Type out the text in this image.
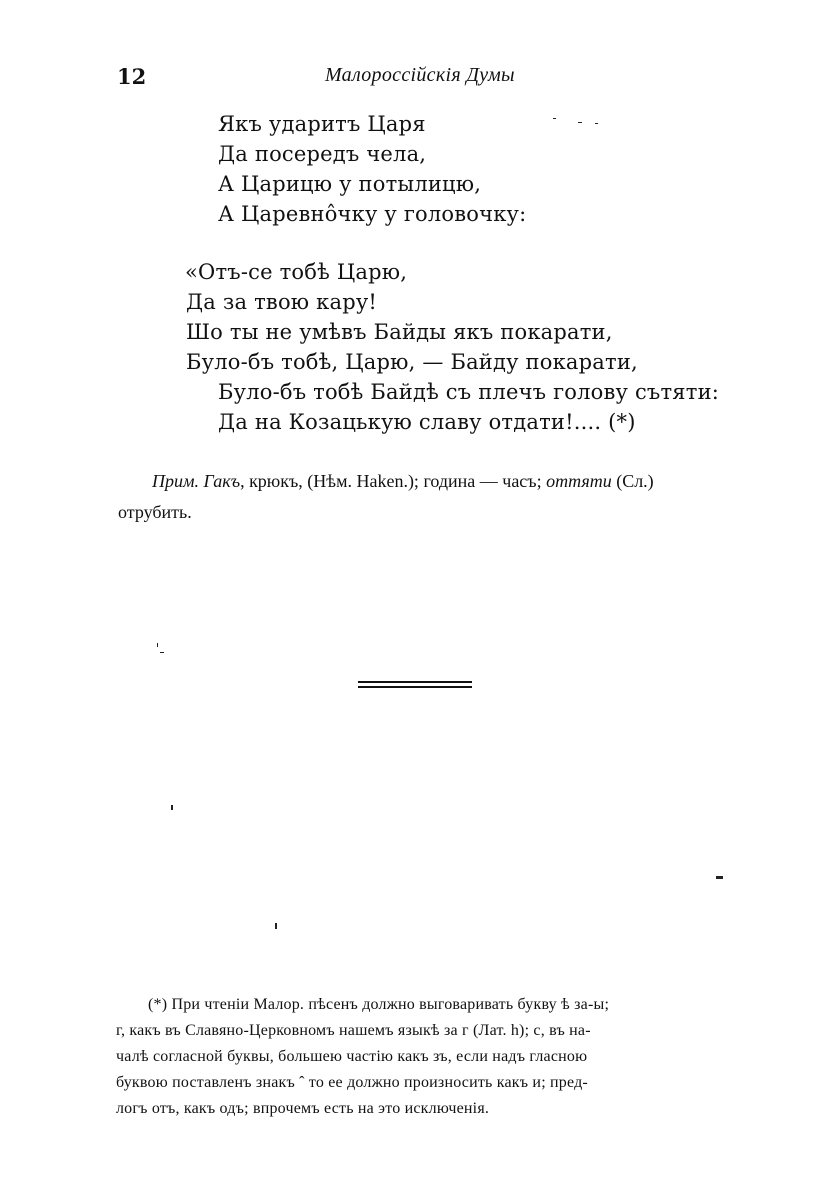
12	Малороссійскія Думы
Якъ ударитъ Царя
Да посередъ чела,
А Царицю у потылицю,
А Царевнôчку у головочку:
«Отъ-се тобѣ Царю,
Да за твою кару!
Шо ты не умѣвъ Байды якъ покарати,
Було-бъ тобѣ, Царю, — Байду покарати,
Було-бъ тобѣ Байдѣ съ плечъ голову сътяти:
Да на Козацькую славу отдати!.... (*)
Прим. Гакъ, крюкъ, (Нѣм. Haken.); година — часъ; оттяти (Сл.) отрубить.
(*) При чтеніи Малор. пѣсенъ должно выговаривать букву ѣ за-ы;
г, какъ въ Славяно-Церковномъ нашемъ языкѣ за г (Лат. h); с, въ на-
чалѣ согласной буквы, большею частію какъ зъ, если надъ гласною
буквою поставленъ знакъ ˆ то ее должно произносить какъ и; пред-
логъ отъ, какъ одъ; впрочемъ есть на это исключенія.
